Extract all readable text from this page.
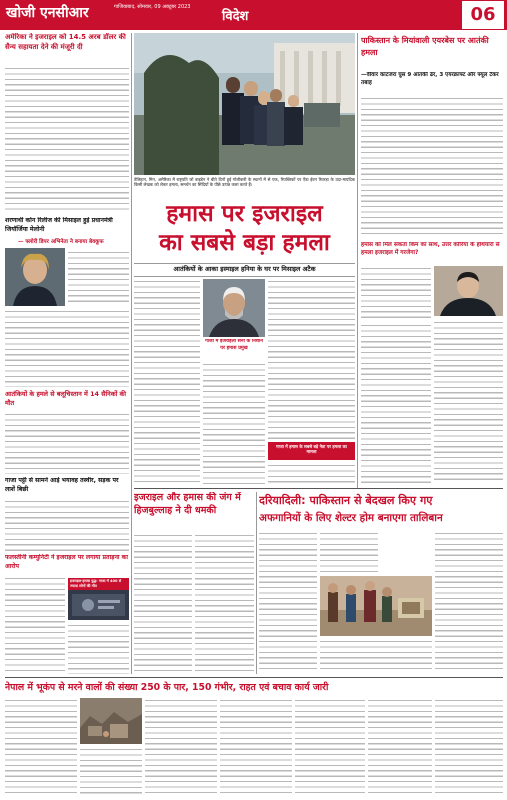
खोजी एनसीआर	गाजियाबाद, सोमवार, 09 अक्टूबर 2023
विदेश	06
अमेरिका ने इजराइल को 14.5 अरब डॉलर की सैन्य सहायता देने की मंजूरी दी
शरणार्थी कोन रिलीज की मिसाइल हुई प्रधानमंत्री जियॉर्जिया मेलोनी
— फ्लोरी डिपर अभिनेता ने बनाया बेवकूफ
आतंकियों के हमले से बलूचिस्तान में 14 सैनिकों की मौत
गाजा पट्टी से सामने आई भयावह तस्वीर, सड़क पर लाशें बिछी
फलस्तीनी कम्युनिटी ने इजराइल पर लगाया प्रताड़ना का आरोप
इजराइल-हमास युद्ध: गाजा में 400 से ज्यादा लोगों की मौत
तेलिहान, मिन, अमेरिका में राष्ट्रपति जो बाइडेन ने बीते दिनों हुई गोलीबारी के स्थानों में से एक, रिपब्लिकों पर ऐंडा ईवन रिवरड़ा के उदा-मायदिक किसी लेखक को लेकर हमला, समर्थन का सिंदियों के पीछे उत्पन्न कला करते हैं।
हमास पर इजराइल
का सबसे बड़ा हमला
आतंकियों के आका इस्माइल हनिया के घर पर मिसाइल अटैक
गाजा में इजराइली सेना के निशाने पर हमास प्रमुख
गाजा में हमास के सबसे बड़े नेता पर हमला का मामला
पाकिस्तान के मियांवाली एयरबेस पर आतंकी हमला
—वीवार कांटजरा घुस 9 आतंकी ढेर, 3 एयरक्राफ्ट और फ्यूल टैंकर तबाह
हमास को मिल सकता किम का साथ, उत्तर कोरिया के हथियारों से हमला इजराइल में गरजेगा?
इजराइल और हमास की जंग में हिजबुल्लाह ने दी धमकी
दरियादिली: पाकिस्तान से बेदखल किए गए
अफगानियों के लिए शेल्टर होम बनाएगा तालिबान
नेपाल में भूकंप से मरने वालों की संख्या 250 के पार, 150 गंभीर, राहत एवं बचाव कार्य जारी
